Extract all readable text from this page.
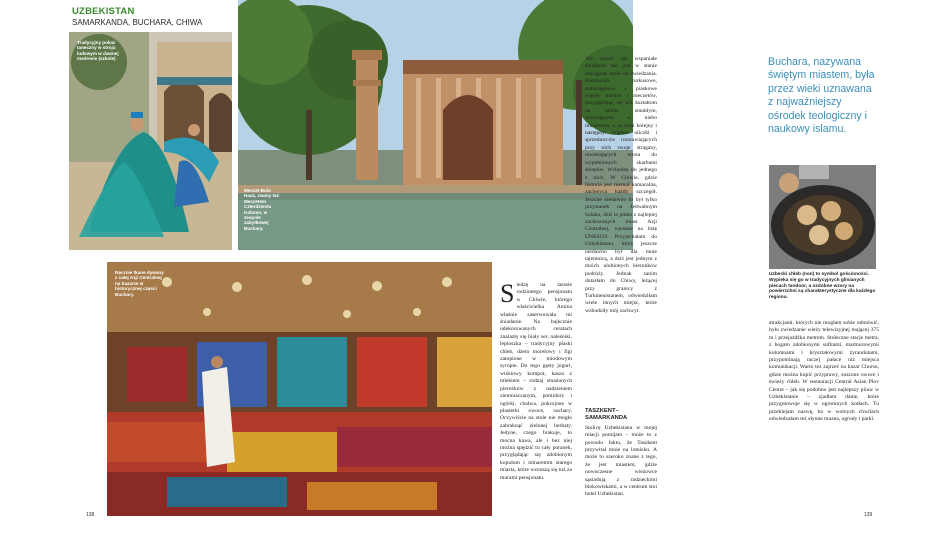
UZBEKISTAN
SAMARKANDA, BUCHARA, CHIWA
Tradycyjny pokaz taneczny w stroju ludowym w dawnej medresie (szkole)
Meczet Bolo Hauz, zwany też Meczetem Czterdziestu Kolumn, w zespole zabytkowej Buchary.
Ręcznie tkane dywany z całej Azji Centralnej na bazarze w historycznej części Buchary.	S iedzę na tarasie rodzinnego pensjonatu w Chiwie, którego właścicielka Amina właśnie zaserwowała mi śniadanie. Na bajecznie udekorowanych ceratach znalazły się biały ser, naleśniki, lepioszka – tradycyjny płaski chleb, dżem morelowy i figi zatopione w miodowym syropie. Do tego gęsty jogurt, wiśniowy kompot, kasza z mlekiem – rodzaj smażonych pierożków z nadzieniem ziemniaczanym, pomidory i ogórki, chałwa, pokrojone w plasterki owoce, suchary. Oczywiście na stole nie mogło zabraknąć zielonej herbaty. Jedyne, czego brakuje, to mocna kawa, ale i bez niej można spędzić tu cały poranek, przyglądając się zdobionym kopułom i minaretom starego miasta, które wznoszą się tuż za murami pensjonatu.
Ale nawet tak wspaniałe śniadanie nie jest w stanie odciągnąć mnie od zwiedzania. Podziwiam turkusowe, szmaragdowe i piaskowe kopuły medres i meczetów, przyglądając się ich kształtom na niebie, smukłym, strzelającym w niebo minaretom, a za nimi kolejny i następny. Wąskie uliczki i sprzedawców rozstawiających przy nich swoje stragany, otwierających wrota do wypełnionych skarbami sklepów. Wchodzę do jednego z nich. W Chiwie, gdzie historia jest niemal namacalna, zachwyca każdy szczegół. Jeszcze niedawno to był tylko przystanek na Jedwabnym Szlaku, dziś to jedno z najlepiej zachowanych miast Azji Centralnej, wpisane na listę UNESCO. Przyjechałam do Uzbekistanu, który jeszcze niedawno był dla mnie tajemnicą, a dziś jest jednym z moich ulubionych kierunków podróży. Jednak zanim dotarłam do Chiwy, leżącej przy granicy z Turkmenistanem, odwiedziłam wiele innych miejsc, które wzbudziły mój zachwyt.
TASZKENT–SAMARKANDA
Stolicę Uzbekistanu w mojej relacji pomijam – może to z powodu faktu, że Taszkent przywitał mnie na lotnisku. A może to szeroko znane z tego, że jest miastem, gdzie nowoczesne wieżowce sąsiadują z radzieckimi blokowiskami, a w centrum stoi hotel Uzbekistan.
Buchara, nazywana świętym miastem, była przez wieki uznawana z najważniejszy ośrodek teologiczny i naukowy islamu.
Uzbecki chleb (non) to symbol gościnności. Wypieka się go w tradycyjnych glinianych piecach tandoor, a ozdobne wzory na powierzchni są charakterystyczne dla każdego regionu.
atrakcjami, których nie mogłam sobie odmówić, było zwiedzanie wieży telewizyjnej mającej 375 m i przejażdżka metrem. Stołeczne stacje metra, z bogato zdobionymi sufitami, marmurowymi kolumnami i kryształowymi żyrandolami, przypominają raczej pałace niż miejsca komunikacji. Warto też zajrzeć na bazar Chorsu, gdzie można kupić przyprawy, suszone owoce i świeży chleb. W restauracji Central Asian Plov Centre – jak się podobno jest najlepszy pilaw w Uzbekistanie – zjadłam danie, które przygotowuje się w ogromnych kotłach. Tu przeklejam nazwę, bo w wolnych chwilach odwiedzałam też słynne muzea, ogrody i parki.
138	139
